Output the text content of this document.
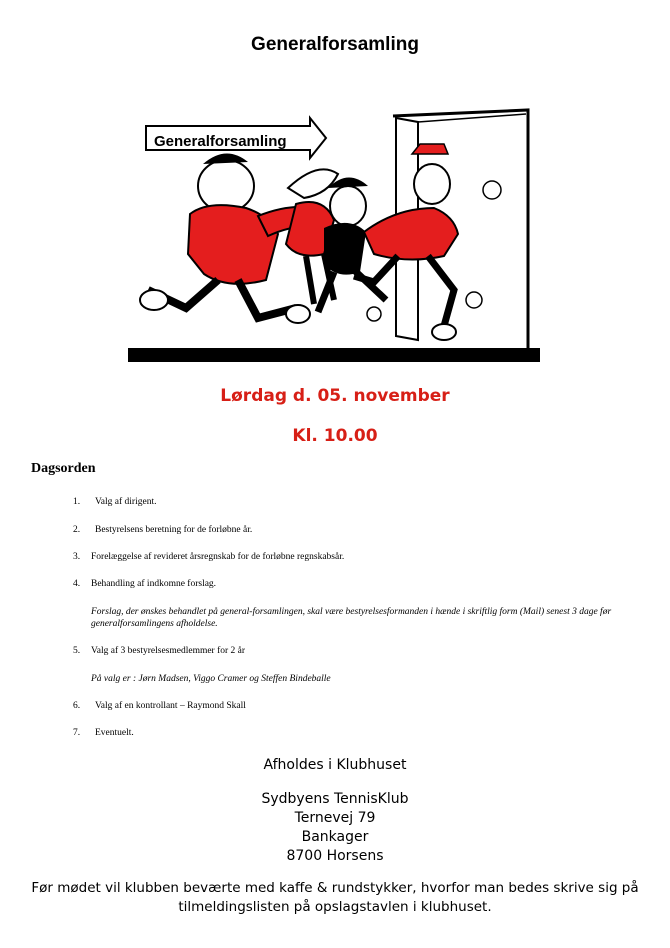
Generalforsamling
Generalforsamling
Lørdag d. 05. november
Kl. 10.00
Dagsorden
1. Valg af dirigent.
2. Bestyrelsens beretning for de forløbne år.
3. Forelæggelse af revideret årsregnskab for de forløbne regnskabsår.
4. Behandling af indkomne forslag.
Forslag, der ønskes behandlet på general-forsamlingen, skal være bestyrelsesformanden i hænde i skriftlig form (Mail) senest 3 dage før generalforsamlingens afholdelse.
5. Valg af 3 bestyrelsesmedlemmer for 2 år
På valg er : Jørn Madsen, Viggo Cramer og Steffen Bindeballe
6. Valg af en kontrollant – Raymond Skall
7. Eventuelt.
Afholdes i Klubhuset
Sydbyens TennisKlub
Ternevej 79
Bankager
8700 Horsens
Før mødet vil klubben beværte med kaffe & rundstykker, hvorfor man bedes skrive sig på tilmeldingslisten på opslagstavlen i klubhuset.
